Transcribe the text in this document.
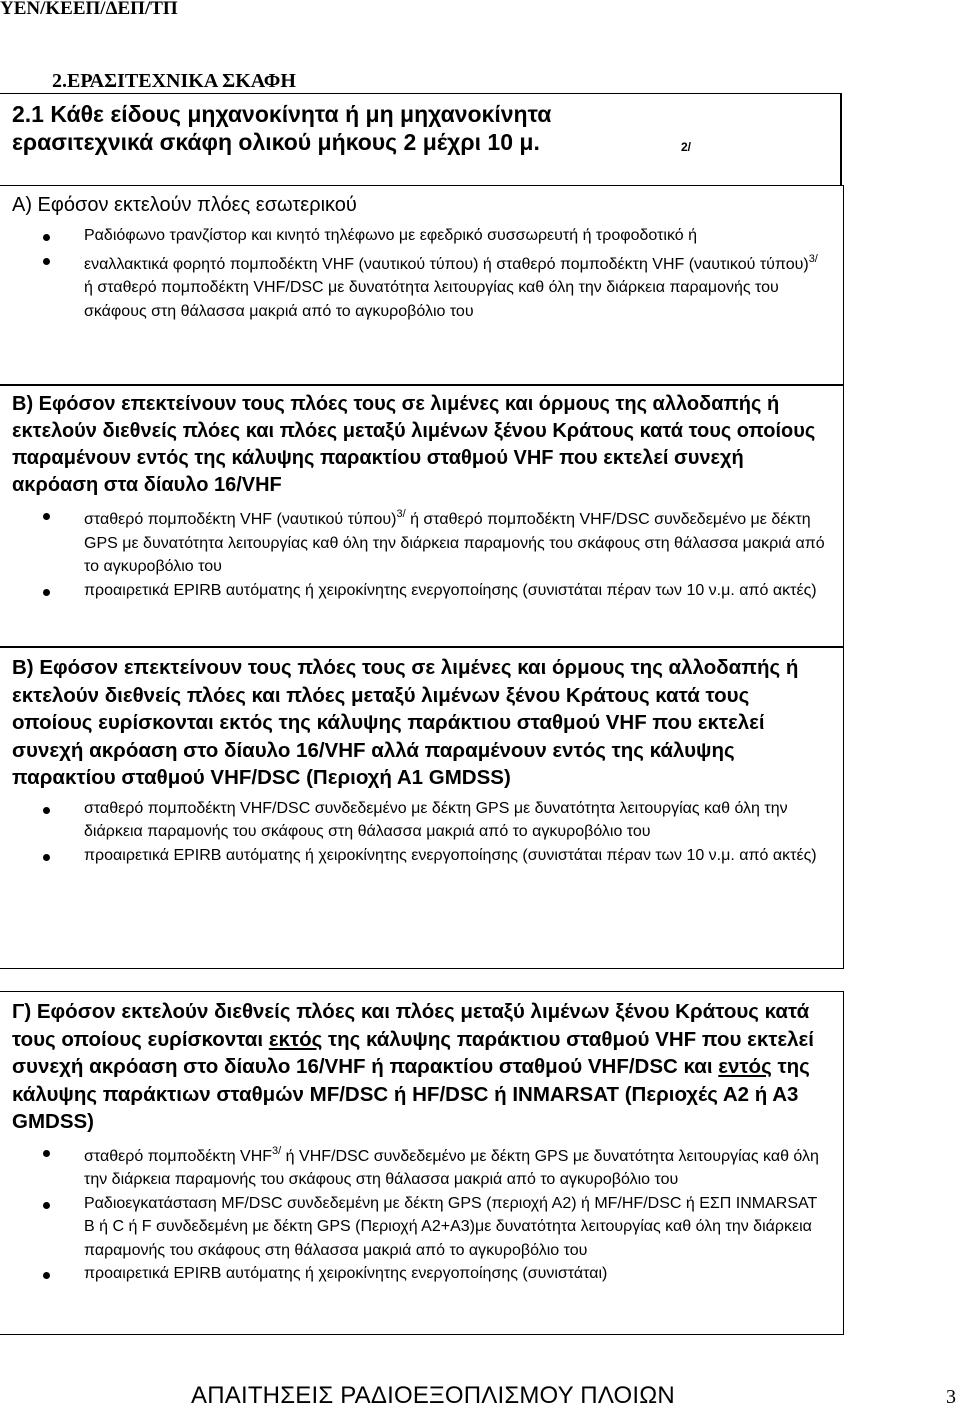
ΥΕΝ/ΚΕΕΠ/ΔΕΠ/ΤΠ
2.ΕΡΑΣΙΤΕΧΝΙΚΑ ΣΚΑΦΗ
2.1 Κάθε είδους μηχανοκίνητα ή μη μηχανοκίνητα
ερασιτεχνικά σκάφη ολικού μήκους 2 μέχρι 10 μ.	2/
Α) Εφόσον εκτελούν πλόες εσωτερικού
Ραδιόφωνο τρανζίστορ και κινητό τηλέφωνο με εφεδρικό συσσωρευτή ή τροφοδοτικό ή
εναλλακτικά φορητό πομποδέκτη VHF (ναυτικού τύπου) ή σταθερό πομποδέκτη VHF (ναυτικού τύπου)$^{3/}$ ή σταθερό πομποδέκτη VHF/DSC με δυνατότητα λειτουργίας καθ όλη την διάρκεια παραμονής του σκάφους στη θάλασσα μακριά από το αγκυροβόλιο του
Β) Εφόσον επεκτείνουν τους πλόες τους σε λιμένες και όρμους της αλλοδαπής ή εκτελούν διεθνείς πλόες και πλόες μεταξύ λιμένων ξένου Κράτους κατά τους οποίους παραμένουν εντός της κάλυψης παρακτίου σταθμού VHF που εκτελεί συνεχή ακρόαση στα δίαυλο 16/VHF
σταθερό πομποδέκτη VHF (ναυτικού τύπου)$^{3/}$ ή σταθερό πομποδέκτη VHF/DSC συνδεδεμένο με δέκτη GPS με δυνατότητα λειτουργίας καθ όλη την διάρκεια παραμονής του σκάφους στη θάλασσα μακριά από το αγκυροβόλιο του
προαιρετικά EPIRB αυτόματης ή χειροκίνητης ενεργοποίησης (συνιστάται πέραν των 10 ν.μ. από ακτές)
Β) Εφόσον επεκτείνουν τους πλόες τους σε λιμένες και όρμους της αλλοδαπής ή εκτελούν διεθνείς πλόες και πλόες μεταξύ λιμένων ξένου Κράτους κατά τους οποίους ευρίσκονται εκτός της κάλυψης παράκτιου σταθμού VHF που εκτελεί συνεχή ακρόαση στο δίαυλο 16/VHF αλλά παραμένουν εντός της κάλυψης παρακτίου σταθμού VHF/DSC (Περιοχή Α1 GMDSS)
σταθερό πομποδέκτη VHF/DSC συνδεδεμένο με δέκτη GPS με δυνατότητα λειτουργίας καθ όλη την διάρκεια παραμονής του σκάφους στη θάλασσα μακριά από το αγκυροβόλιο του
προαιρετικά EPIRB αυτόματης ή χειροκίνητης ενεργοποίησης (συνιστάται πέραν των 10 ν.μ. από ακτές)
Γ) Εφόσον εκτελούν διεθνείς πλόες και πλόες μεταξύ λιμένων ξένου Κράτους κατά τους οποίους ευρίσκονται εκτός της κάλυψης παράκτιου σταθμού VHF που εκτελεί συνεχή ακρόαση στο δίαυλο 16/VHF ή παρακτίου σταθμού VHF/DSC και εντός της κάλυψης παράκτιων σταθμών MF/DSC ή HF/DSC ή INMARSAT (Περιοχές Α2 ή Α3 GMDSS)
σταθερό πομποδέκτη $VHF^{3/}$ ή VHF/DSC συνδεδεμένο με δέκτη GPS με δυνατότητα λειτουργίας καθ όλη την διάρκεια παραμονής του σκάφους στη θάλασσα μακριά από το αγκυροβόλιο του
Ραδιοεγκατάσταση MF/DSC συνδεδεμένη με δέκτη GPS (περιοχή Α2) ή MF/HF/DSC ή ΕΣΠ INMARSAT B ή C ή F συνδεδεμένη με δέκτη GPS (Περιοχή Α2+Α3)με δυνατότητα λειτουργίας καθ όλη την διάρκεια παραμονής του σκάφους στη θάλασσα μακριά από το αγκυροβόλιο του
προαιρετικά EPIRB αυτόματης ή χειροκίνητης ενεργοποίησης (συνιστάται)
ΑΠΑΙΤΗΣΕΙΣ ΡΑΔΙΟΕΞΟΠΛΙΣΜΟΥ ΠΛΟΙΩΝ	3
